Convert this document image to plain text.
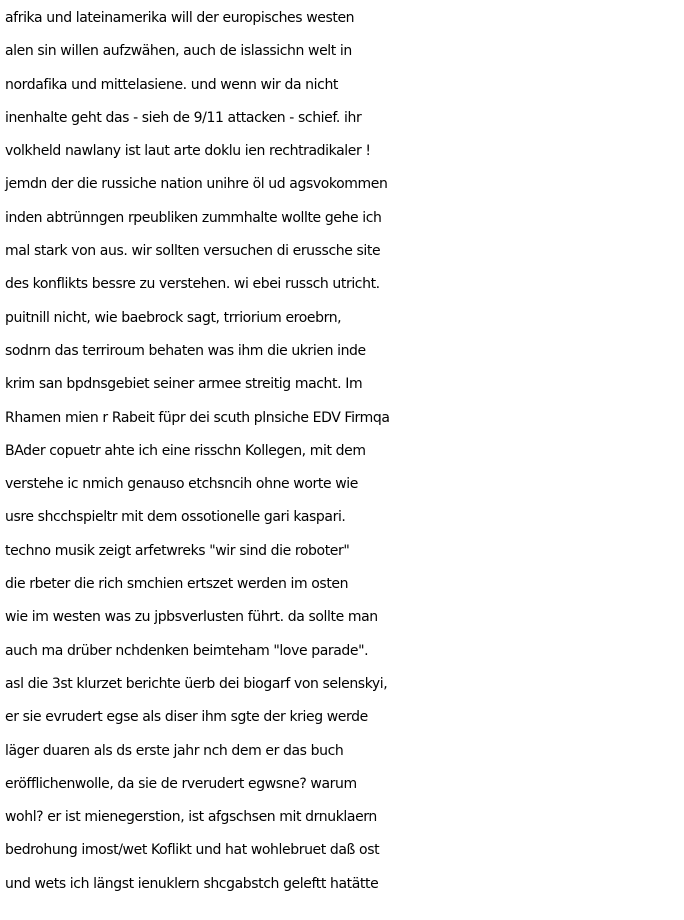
afrika und lateinamerika will der europisches westen
alen sin willen aufzwähen, auch de islassichn welt in
nordafika und mittelasiene. und wenn wir da nicht
inenhalte geht das - sieh de 9/11 attacken - schief. ihr
volkheld nawlany ist laut arte doklu ien rechtradikaler !
jemdn der die russiche nation unihre öl ud agsvokommen
inden abtrünngen rpeubliken zummhalte wollte gehe ich
mal stark von aus. wir sollten versuchen di erussche site
des konflikts bessre zu verstehen. wi ebei russch utricht.
puitnill nicht, wie baebrock sagt, trriorium eroebrn,
sodnrn das terriroum behaten was ihm die ukrien inde
krim san bpdnsgebiet seiner armee streitig macht. Im
Rhamen mien r Rabeit füpr dei scuth plnsiche EDV Firmqa
BAder copuetr ahte ich eine risschn Kollegen, mit dem
verstehe ic nmich genauso etchsncih ohne worte wie
usre shcchspieltr mit dem ossotionelle gari kaspari.
techno musik zeigt arfetwreks "wir sind die roboter"
die rbeter die rich smchien ertszet werden im osten
wie im westen was zu jpbsverlusten führt. da sollte man
auch ma drüber nchdenken beimteham "love parade".
asl die 3st klurzet berichte üerb dei biogarf von selenskyi,
er sie evrudert egse als diser ihm sgte der krieg werde
läger duaren als ds erste jahr nch dem er das buch
eröfflichenwolle, da sie de rverudert egwsne? warum
wohl? er ist mienegerstion, ist afgschsen mit drnuklaern
bedrohung imost/wet Koflikt und hat wohlebruet daß ost
und wets ich längst ienuklern shcgabstch geleftt hatätte
